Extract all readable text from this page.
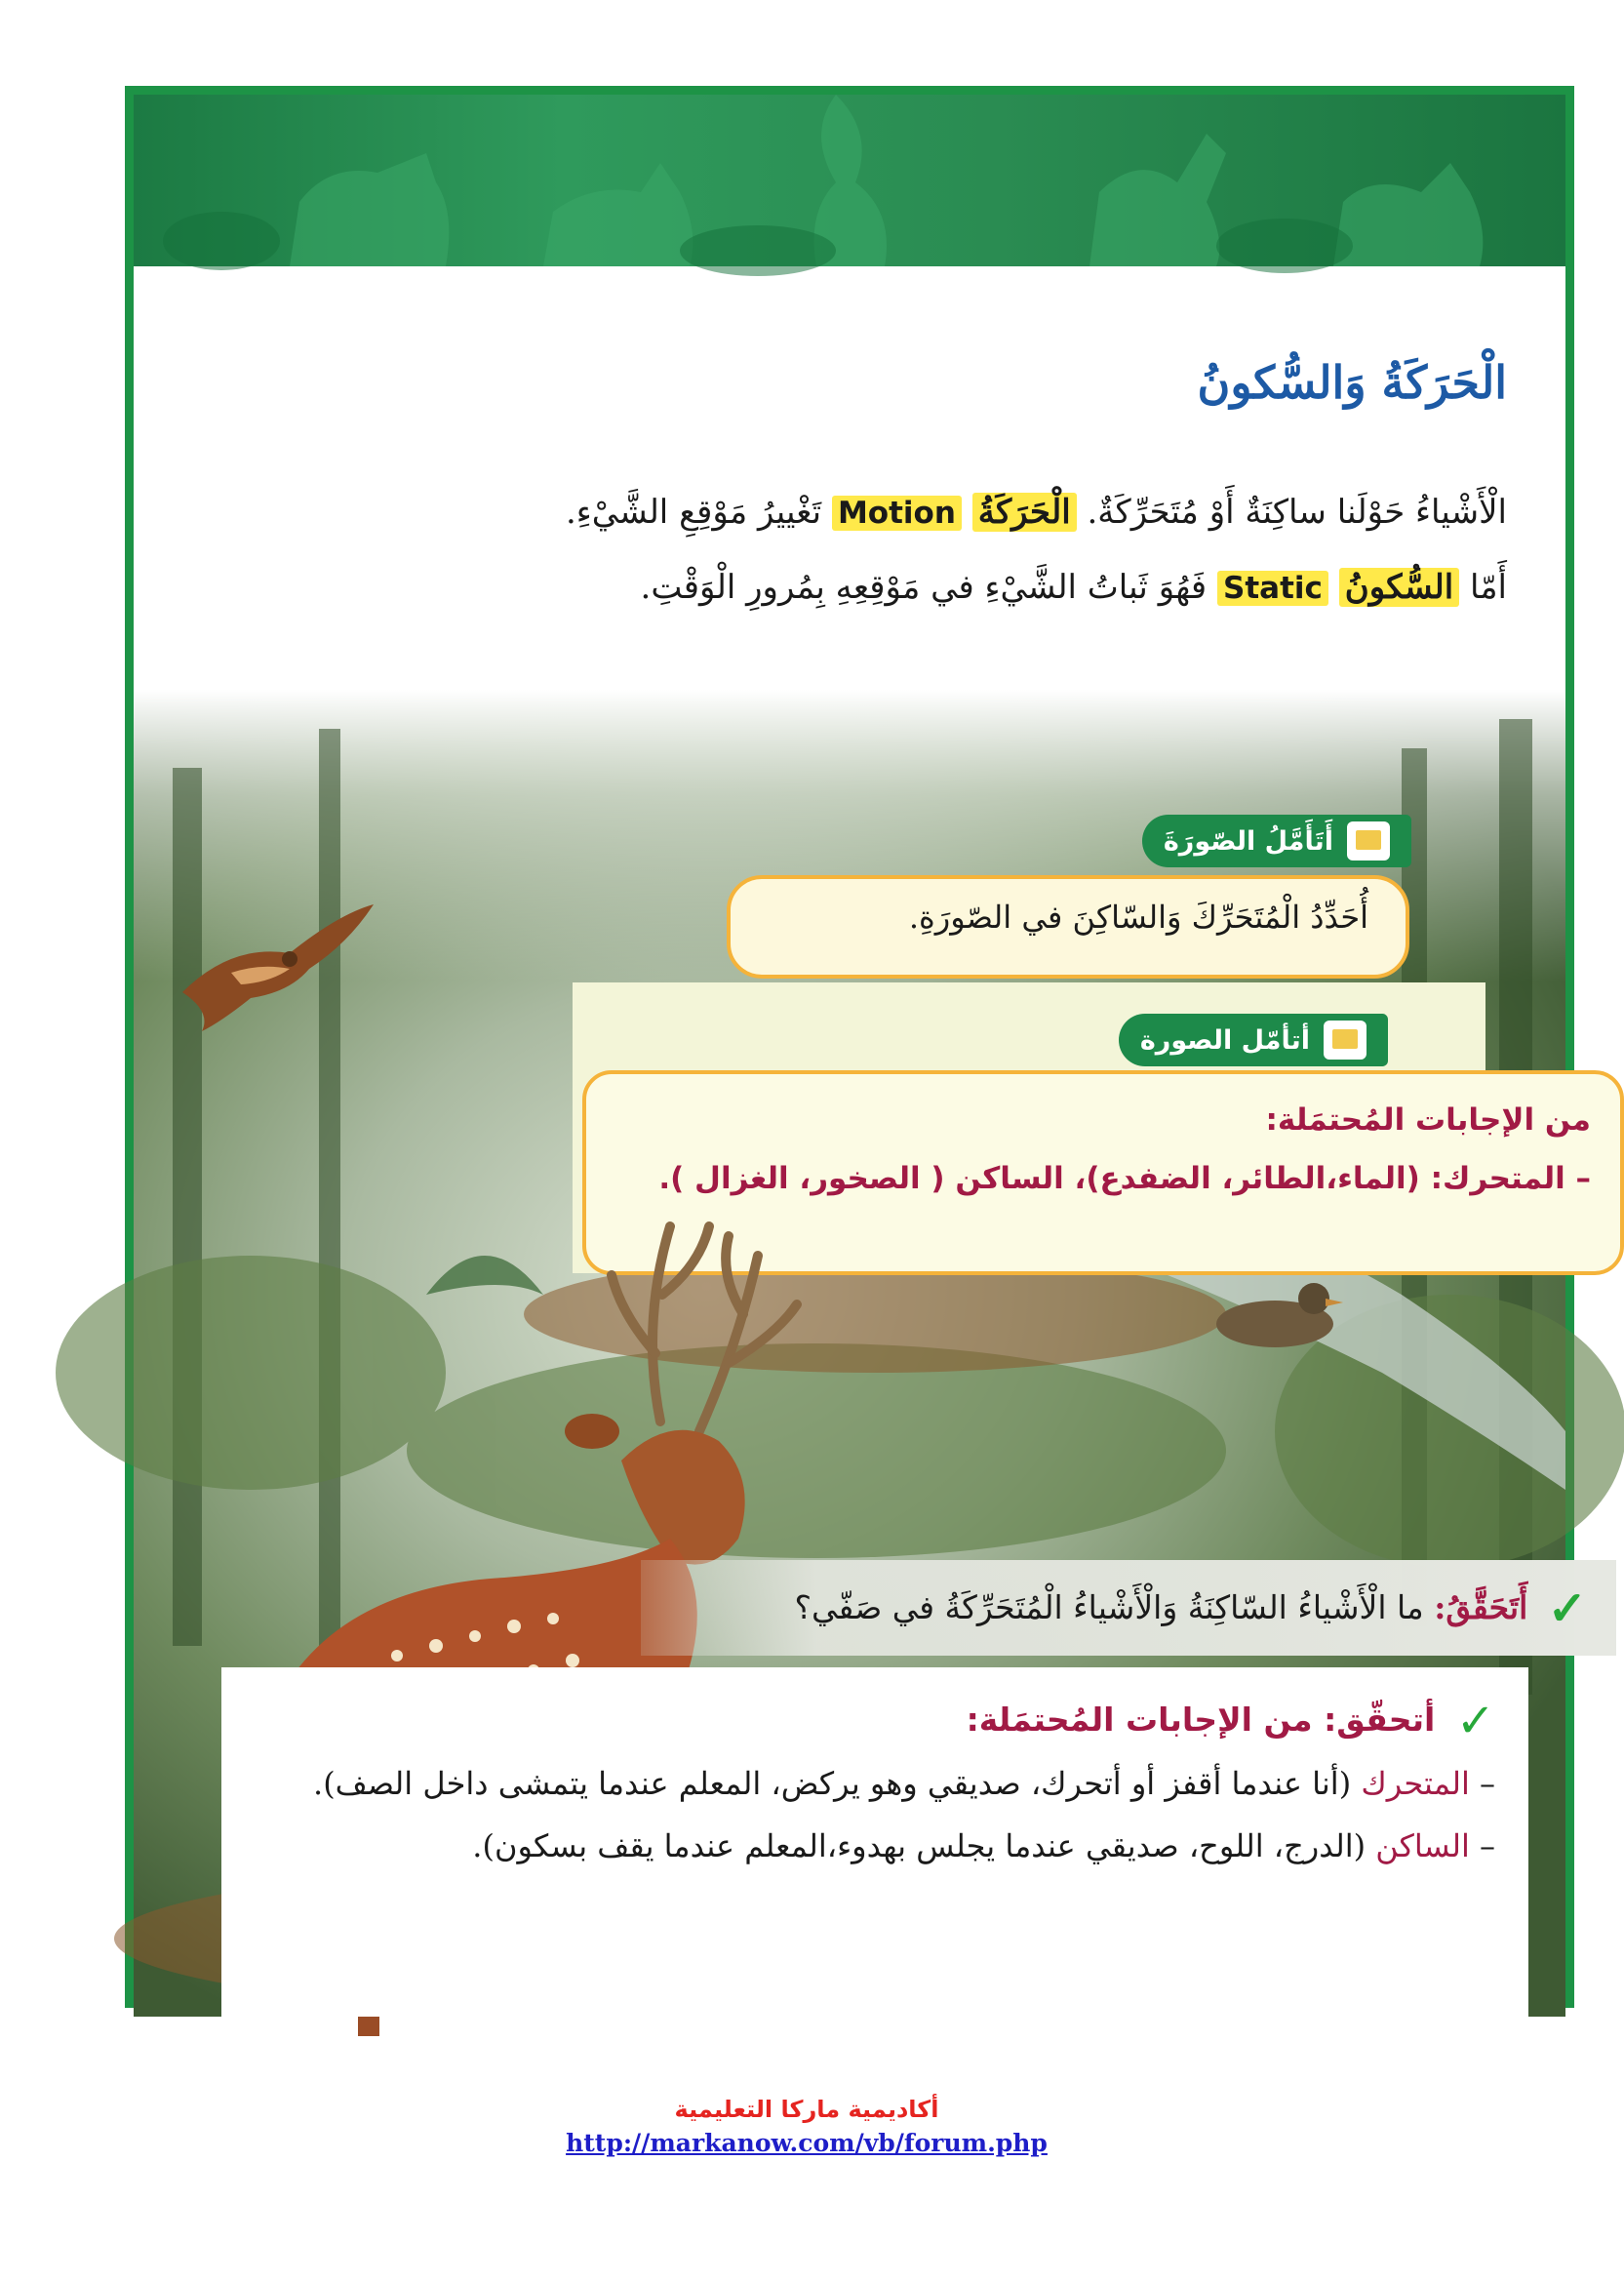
الْحَرَكَةُ وَالسُّكونُ
الْأَشْياءُ حَوْلَنا ساكِنَةٌ أَوْ مُتَحَرِّكَةٌ. الْحَرَكَةُ Motion تَغْييرُ مَوْقِعِ الشَّيْءِ.
أَمّا السُّكونُ Static فَهُوَ ثَباتُ الشَّيْءِ في مَوْقِعِهِ بِمُرورِ الْوَقْتِ.
أَتَأَمَّلُ الصّورَةَ
أُحَدِّدُ الْمُتَحَرِّكَ وَالسّاكِنَ في الصّورَةِ.
أتأمّل الصورة
من الإجابات المُحتمَلة:
– المتحرك: (الماء،الطائر، الضفدع)، الساكن ( الصخور، الغزال ).
✓ أَتَحَقَّقُ: ما الْأَشْياءُ السّاكِنَةُ وَالْأَشْياءُ الْمُتَحَرِّكَةُ في صَفّي؟
✓ أتحقّق: من الإجابات المُحتمَلة:
– المتحرك (أنا عندما أقفز أو أتحرك، صديقي وهو يركض، المعلم عندما يتمشى داخل الصف).
– الساكن (الدرج، اللوح، صديقي عندما يجلس بهدوء،المعلم عندما يقف بسكون).
أكاديمية ماركا التعليمية
http://markanow.com/vb/forum.php
